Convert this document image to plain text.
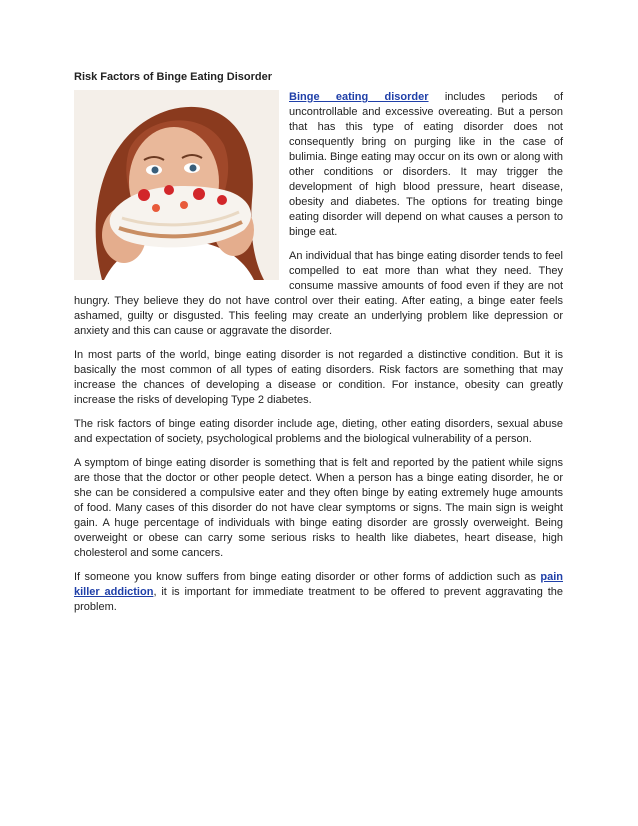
Risk Factors of Binge Eating Disorder

Binge eating disorder includes periods of uncontrollable and excessive overeating. But a person that has this type of eating disorder does not consequently bring on purging like in the case of bulimia. Binge eating may occur on its own or along with other conditions or disorders. It may trigger the development of high blood pressure, heart disease, obesity and diabetes. The options for treating binge eating disorder will depend on what causes a person to binge eat.

An individual that has binge eating disorder tends to feel compelled to eat more than what they need. They consume massive amounts of food even if they are not hungry. They believe they do not have control over their eating. After eating, a binge eater feels ashamed, guilty or disgusted. This feeling may create an underlying problem like depression or anxiety and this can cause or aggravate the disorder.

In most parts of the world, binge eating disorder is not regarded a distinctive condition. But it is basically the most common of all types of eating disorders. Risk factors are something that may increase the chances of developing a disease or condition. For instance, obesity can greatly increase the risks of developing Type 2 diabetes.

The risk factors of binge eating disorder include age, dieting, other eating disorders, sexual abuse and expectation of society, psychological problems and the biological vulnerability of a person.

A symptom of binge eating disorder is something that is felt and reported by the patient while signs are those that the doctor or other people detect. When a person has a binge eating disorder, he or she can be considered a compulsive eater and they often binge by eating extremely huge amounts of food. Many cases of this disorder do not have clear symptoms or signs. The main sign is weight gain. A huge percentage of individuals with binge eating disorder are grossly overweight. Being overweight or obese can carry some serious risks to health like diabetes, heart disease, high cholesterol and some cancers.

If someone you know suffers from binge eating disorder or other forms of addiction such as pain killer addiction, it is important for immediate treatment to be offered to prevent aggravating the problem.
